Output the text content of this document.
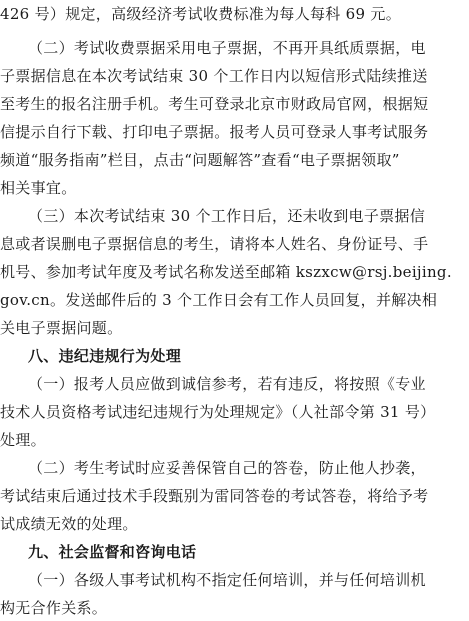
426 号）规定，高级经济考试收费标准为每人每科 69 元。
（二）考试收费票据采用电子票据，不再开具纸质票据，电
子票据信息在本次考试结束 30 个工作日内以短信形式陆续推送
至考生的报名注册手机。考生可登录北京市财政局官网，根据短
信提示自行下载、打印电子票据。报考人员可登录人事考试服务
频道“服务指南”栏目，点击“问题解答”查看“电子票据领取”
相关事宜。
（三）本次考试结束 30 个工作日后，还未收到电子票据信
息或者误删电子票据信息的考生，请将本人姓名、身份证号、手
机号、参加考试年度及考试名称发送至邮箱 kszxcw@rsj.beijing.
gov.cn。发送邮件后的 3 个工作日会有工作人员回复，并解决相
关电子票据问题。
八、违纪违规行为处理
（一）报考人员应做到诚信参考，若有违反，将按照《专业
技术人员资格考试违纪违规行为处理规定》（人社部令第 31 号）
处理。
（二）考生考试时应妥善保管自己的答卷，防止他人抄袭，
考试结束后通过技术手段甄别为雷同答卷的考试答卷，将给予考
试成绩无效的处理。
九、社会监督和咨询电话
（一）各级人事考试机构不指定任何培训，并与任何培训机
构无合作关系。
